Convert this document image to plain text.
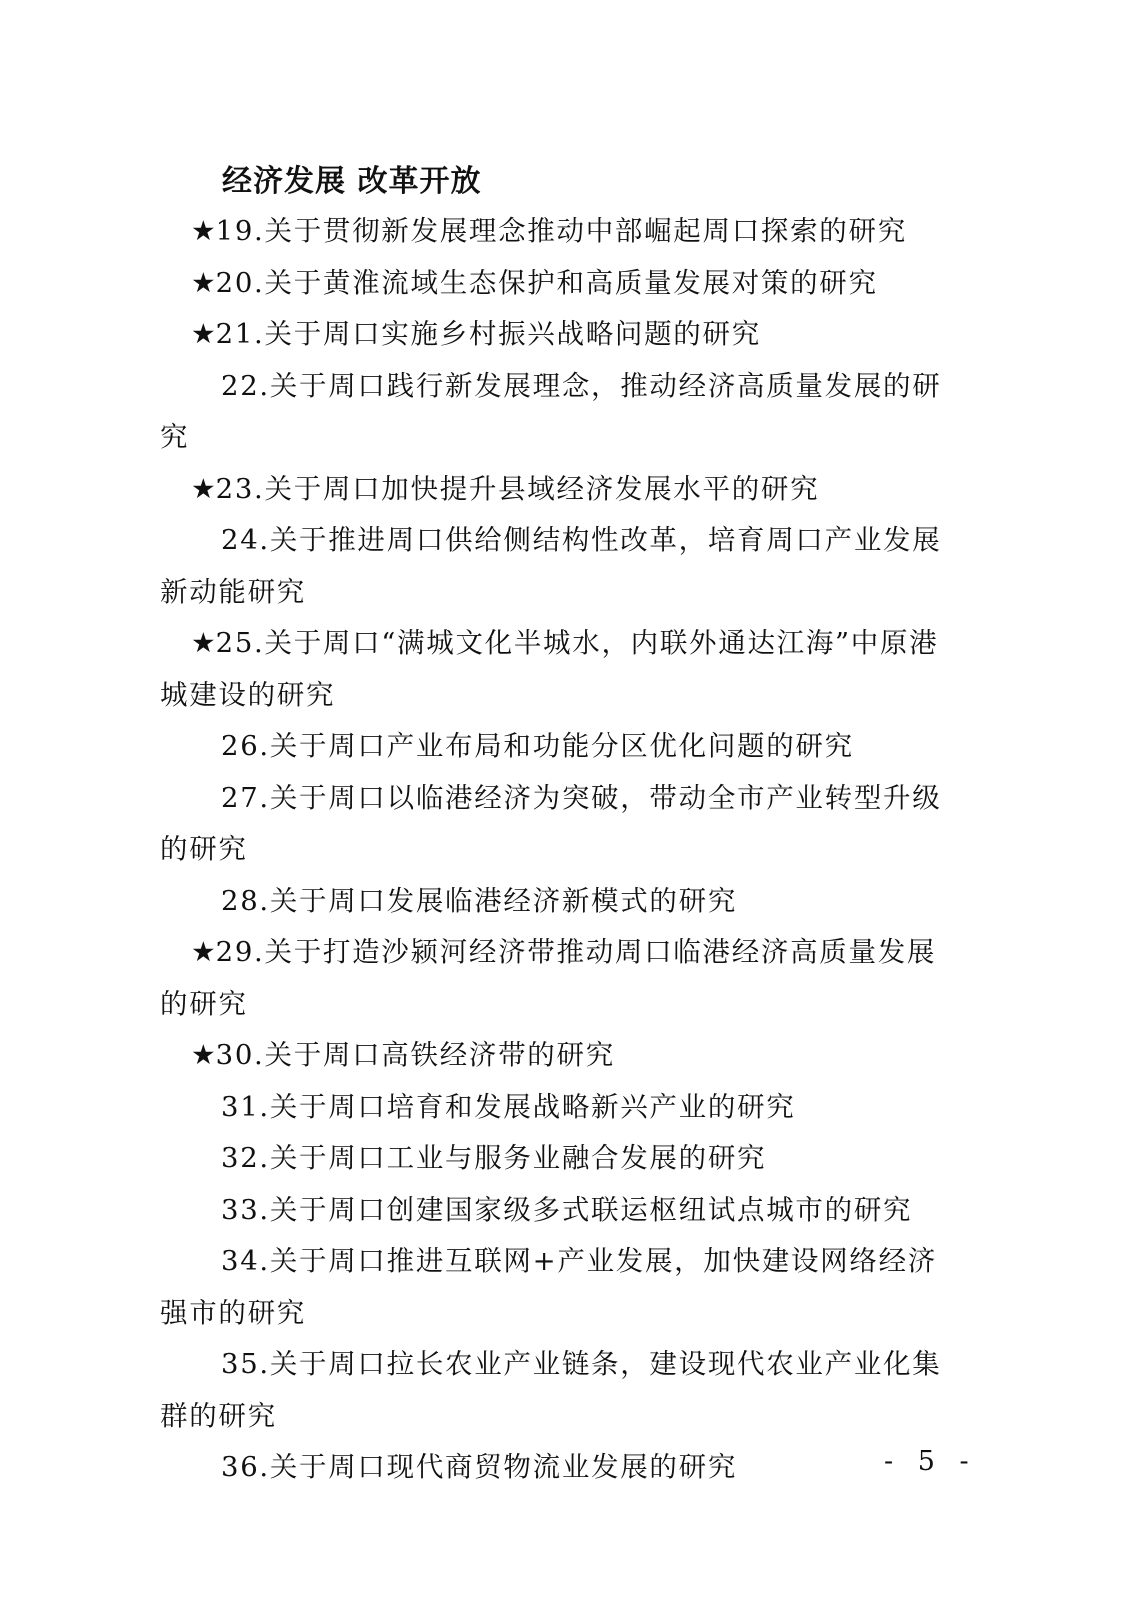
经济发展 改革开放

★19.关于贯彻新发展理念推动中部崛起周口探索的研究

★20.关于黄淮流域生态保护和高质量发展对策的研究

★21.关于周口实施乡村振兴战略问题的研究

22.关于周口践行新发展理念，推动经济高质量发展的研究

★23.关于周口加快提升县域经济发展水平的研究

24.关于推进周口供给侧结构性改革，培育周口产业发展新动能研究

★25.关于周口“满城文化半城水，内联外通达江海”中原港城建设的研究

26.关于周口产业布局和功能分区优化问题的研究

27.关于周口以临港经济为突破，带动全市产业转型升级的研究

28.关于周口发展临港经济新模式的研究

★29.关于打造沙颍河经济带推动周口临港经济高质量发展的研究

★30.关于周口高铁经济带的研究

31.关于周口培育和发展战略新兴产业的研究

32.关于周口工业与服务业融合发展的研究

33.关于周口创建国家级多式联运枢纽试点城市的研究

34.关于周口推进互联网+产业发展，加快建设网络经济强市的研究

35.关于周口拉长农业产业链条，建设现代农业产业化集群的研究

36.关于周口现代商贸物流业发展的研究	- 5 -
